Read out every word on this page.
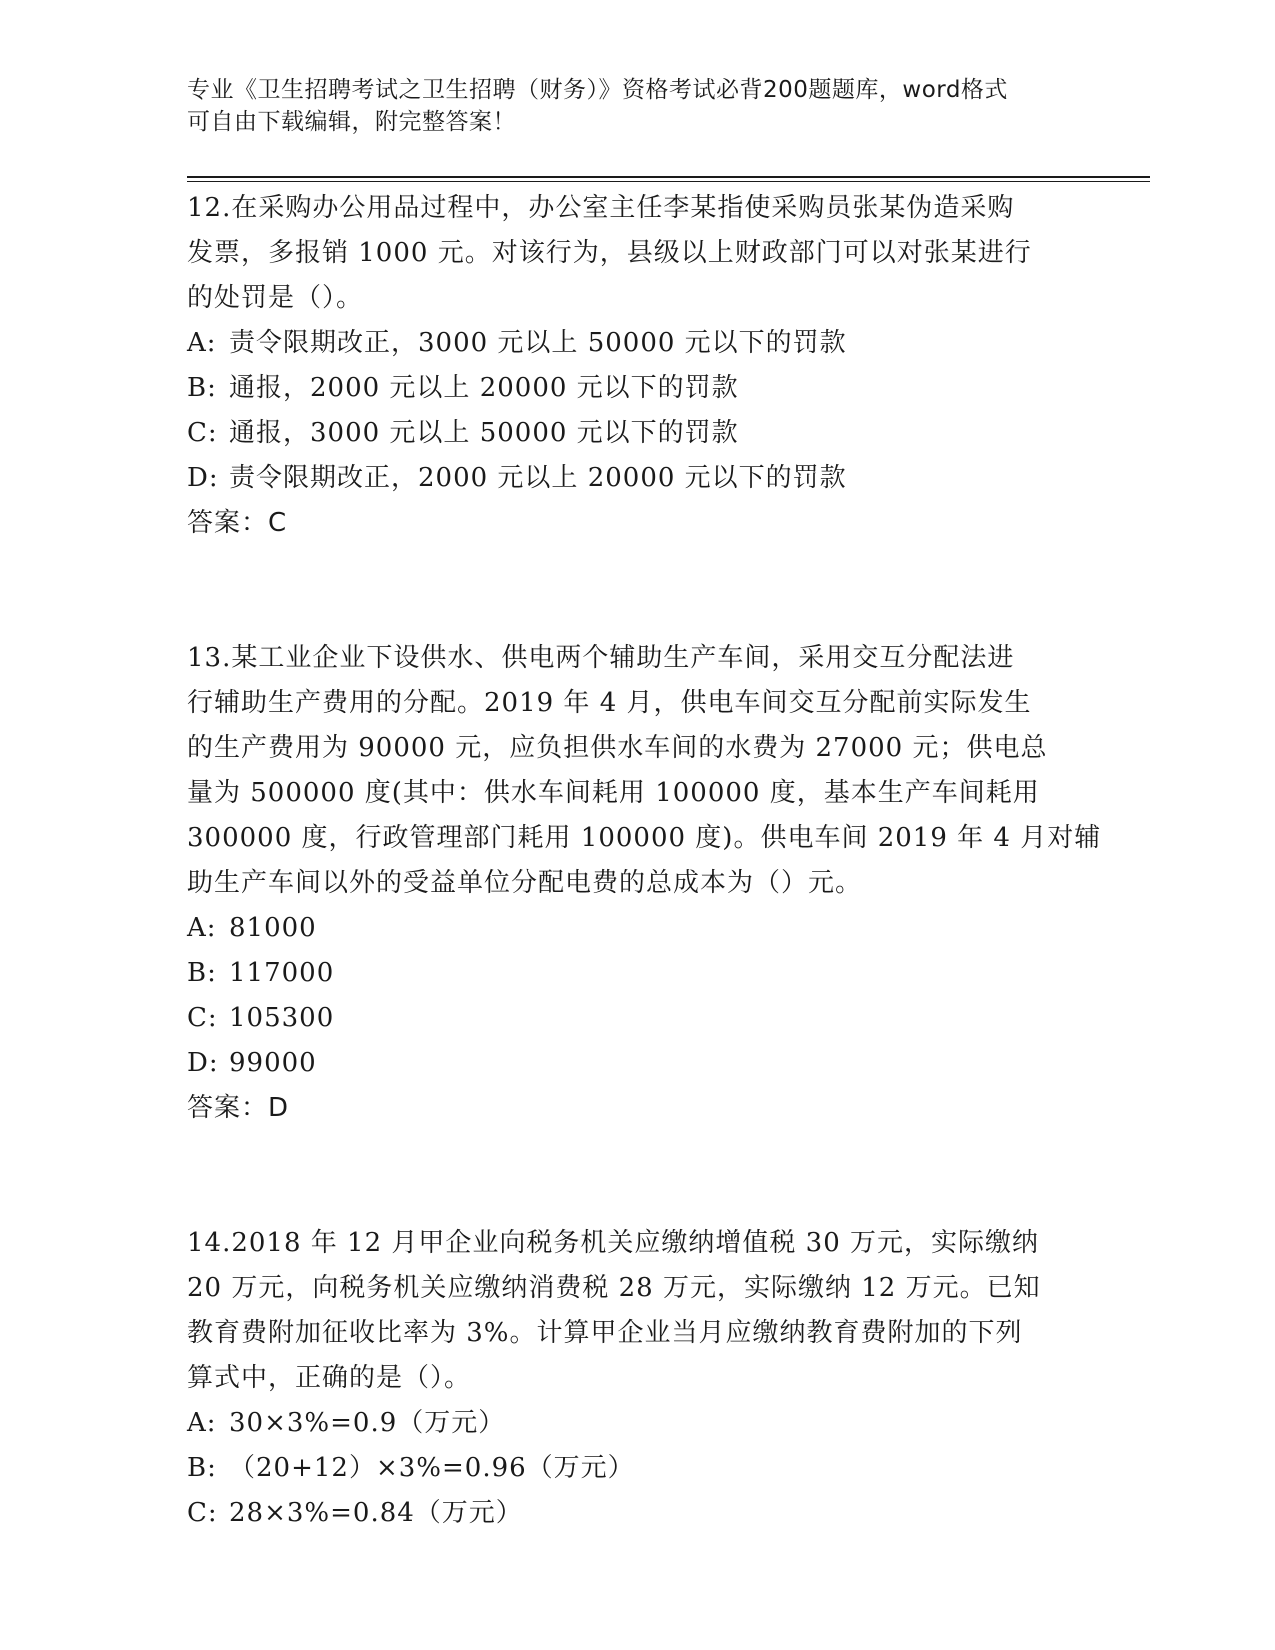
专业《卫生招聘考试之卫生招聘（财务）》资格考试必背200题题库，word格式
可自由下载编辑，附完整答案！
12.在采购办公用品过程中，办公室主任李某指使采购员张某伪造采购
发票，多报销 1000 元。对该行为，县级以上财政部门可以对张某进行
的处罚是（）。
A: 责令限期改正，3000 元以上 50000 元以下的罚款
B: 通报，2000 元以上 20000 元以下的罚款
C: 通报，3000 元以上 50000 元以下的罚款
D: 责令限期改正，2000 元以上 20000 元以下的罚款
答案：C
13.某工业企业下设供水、供电两个辅助生产车间，采用交互分配法进
行辅助生产费用的分配。2019 年 4 月，供电车间交互分配前实际发生
的生产费用为 90000 元，应负担供水车间的水费为 27000 元；供电总
量为 500000 度(其中：供水车间耗用 100000 度，基本生产车间耗用
300000 度，行政管理部门耗用 100000 度)。供电车间 2019 年 4 月对辅
助生产车间以外的受益单位分配电费的总成本为（）元。
A: 81000
B: 117000
C: 105300
D: 99000
答案：D
14.2018 年 12 月甲企业向税务机关应缴纳增值税 30 万元，实际缴纳
20 万元，向税务机关应缴纳消费税 28 万元，实际缴纳 12 万元。已知
教育费附加征收比率为 3%。计算甲企业当月应缴纳教育费附加的下列
算式中，正确的是（）。
A: 30×3%=0.9（万元）
B: （20+12）×3%=0.96（万元）
C: 28×3%=0.84（万元）
